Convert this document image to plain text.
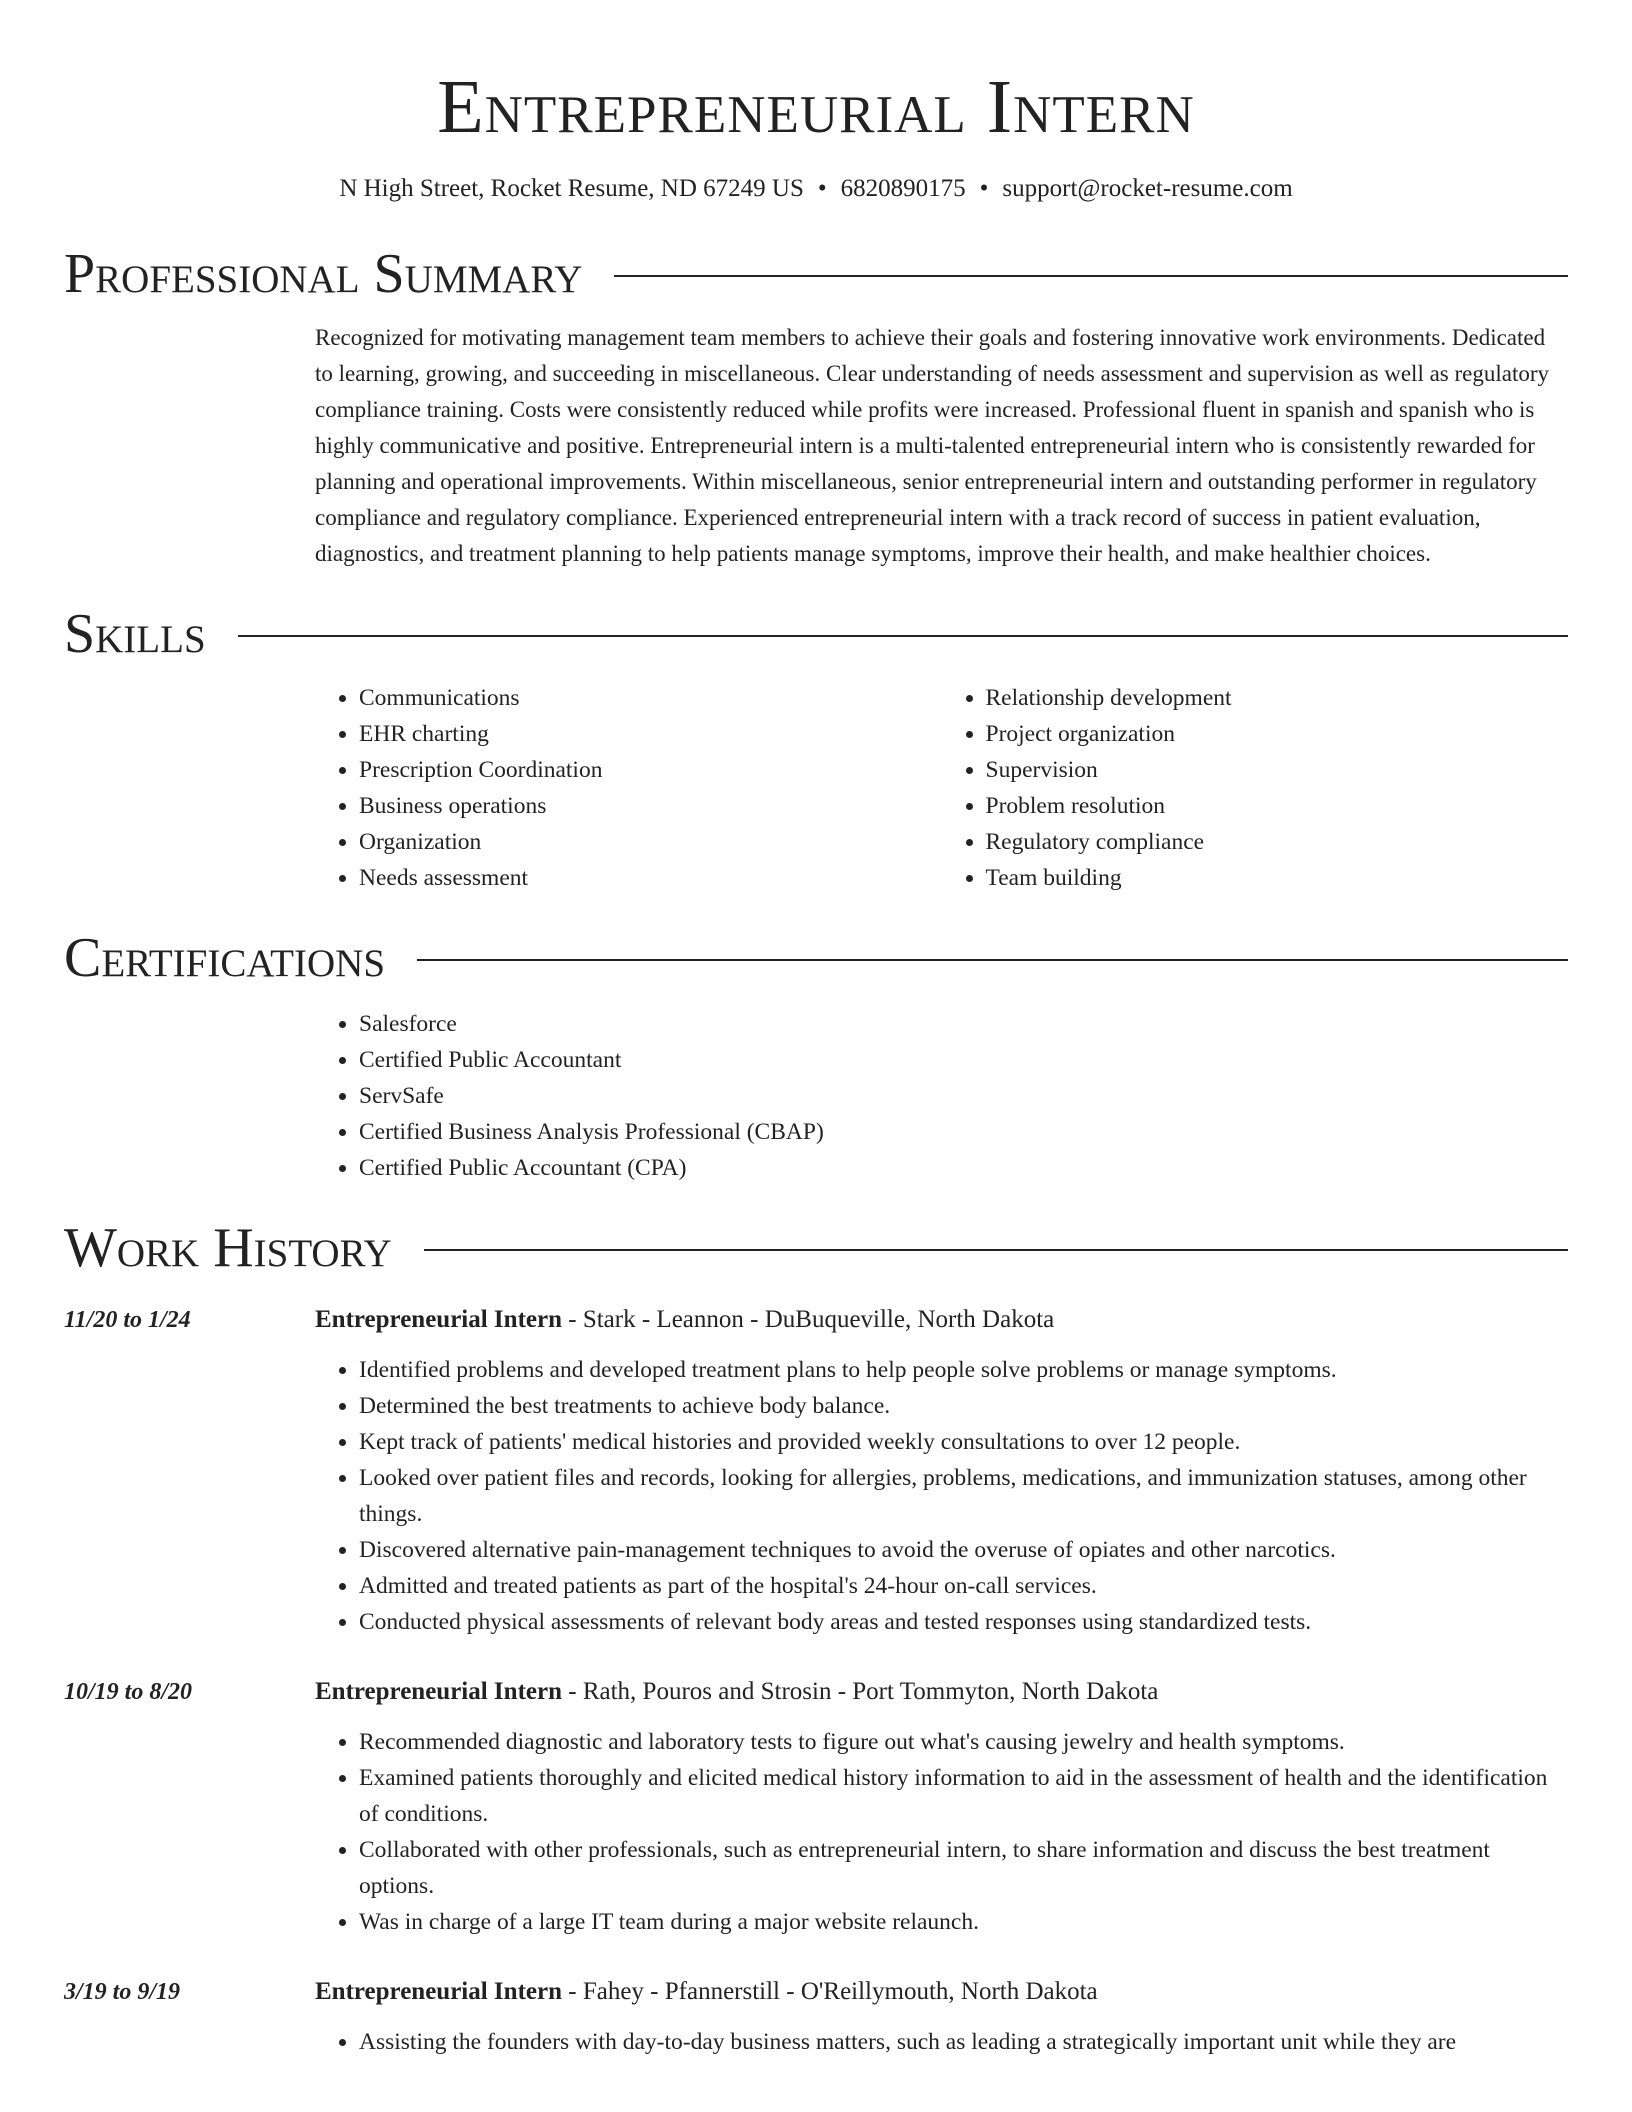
Entrepreneurial Intern
N High Street, Rocket Resume, ND 67249 US • 6820890175 • support@rocket-resume.com
Professional Summary

Recognized for motivating management team members to achieve their goals and fostering innovative work environments. Dedicated to learning, growing, and succeeding in miscellaneous. Clear understanding of needs assessment and supervision as well as regulatory compliance training. Costs were consistently reduced while profits were increased. Professional fluent in spanish and spanish who is highly communicative and positive. Entrepreneurial intern is a multi-talented entrepreneurial intern who is consistently rewarded for planning and operational improvements. Within miscellaneous, senior entrepreneurial intern and outstanding performer in regulatory compliance and regulatory compliance. Experienced entrepreneurial intern with a track record of success in patient evaluation, diagnostics, and treatment planning to help patients manage symptoms, improve their health, and make healthier choices.

Skills
• Communications
• EHR charting
• Prescription Coordination
• Business operations
• Organization
• Needs assessment
• Relationship development
• Project organization
• Supervision
• Problem resolution
• Regulatory compliance
• Team building
Certifications
• Salesforce
• Certified Public Accountant
• ServSafe
• Certified Business Analysis Professional (CBAP)
• Certified Public Accountant (CPA)
Work History
11/20 to 1/24	Entrepreneurial Intern - Stark - Leannon - DuBuqueville, North Dakota
• Identified problems and developed treatment plans to help people solve problems or manage symptoms.
• Determined the best treatments to achieve body balance.
• Kept track of patients' medical histories and provided weekly consultations to over 12 people.
• Looked over patient files and records, looking for allergies, problems, medications, and immunization statuses, among other things.
• Discovered alternative pain-management techniques to avoid the overuse of opiates and other narcotics.
• Admitted and treated patients as part of the hospital's 24-hour on-call services.
• Conducted physical assessments of relevant body areas and tested responses using standardized tests.
10/19 to 8/20	Entrepreneurial Intern - Rath, Pouros and Strosin - Port Tommyton, North Dakota
• Recommended diagnostic and laboratory tests to figure out what's causing jewelry and health symptoms.
• Examined patients thoroughly and elicited medical history information to aid in the assessment of health and the identification of conditions.
• Collaborated with other professionals, such as entrepreneurial intern, to share information and discuss the best treatment options.
• Was in charge of a large IT team during a major website relaunch.
3/19 to 9/19	Entrepreneurial Intern - Fahey - Pfannerstill - O'Reillymouth, North Dakota
• Assisting the founders with day-to-day business matters, such as leading a strategically important unit while they are
